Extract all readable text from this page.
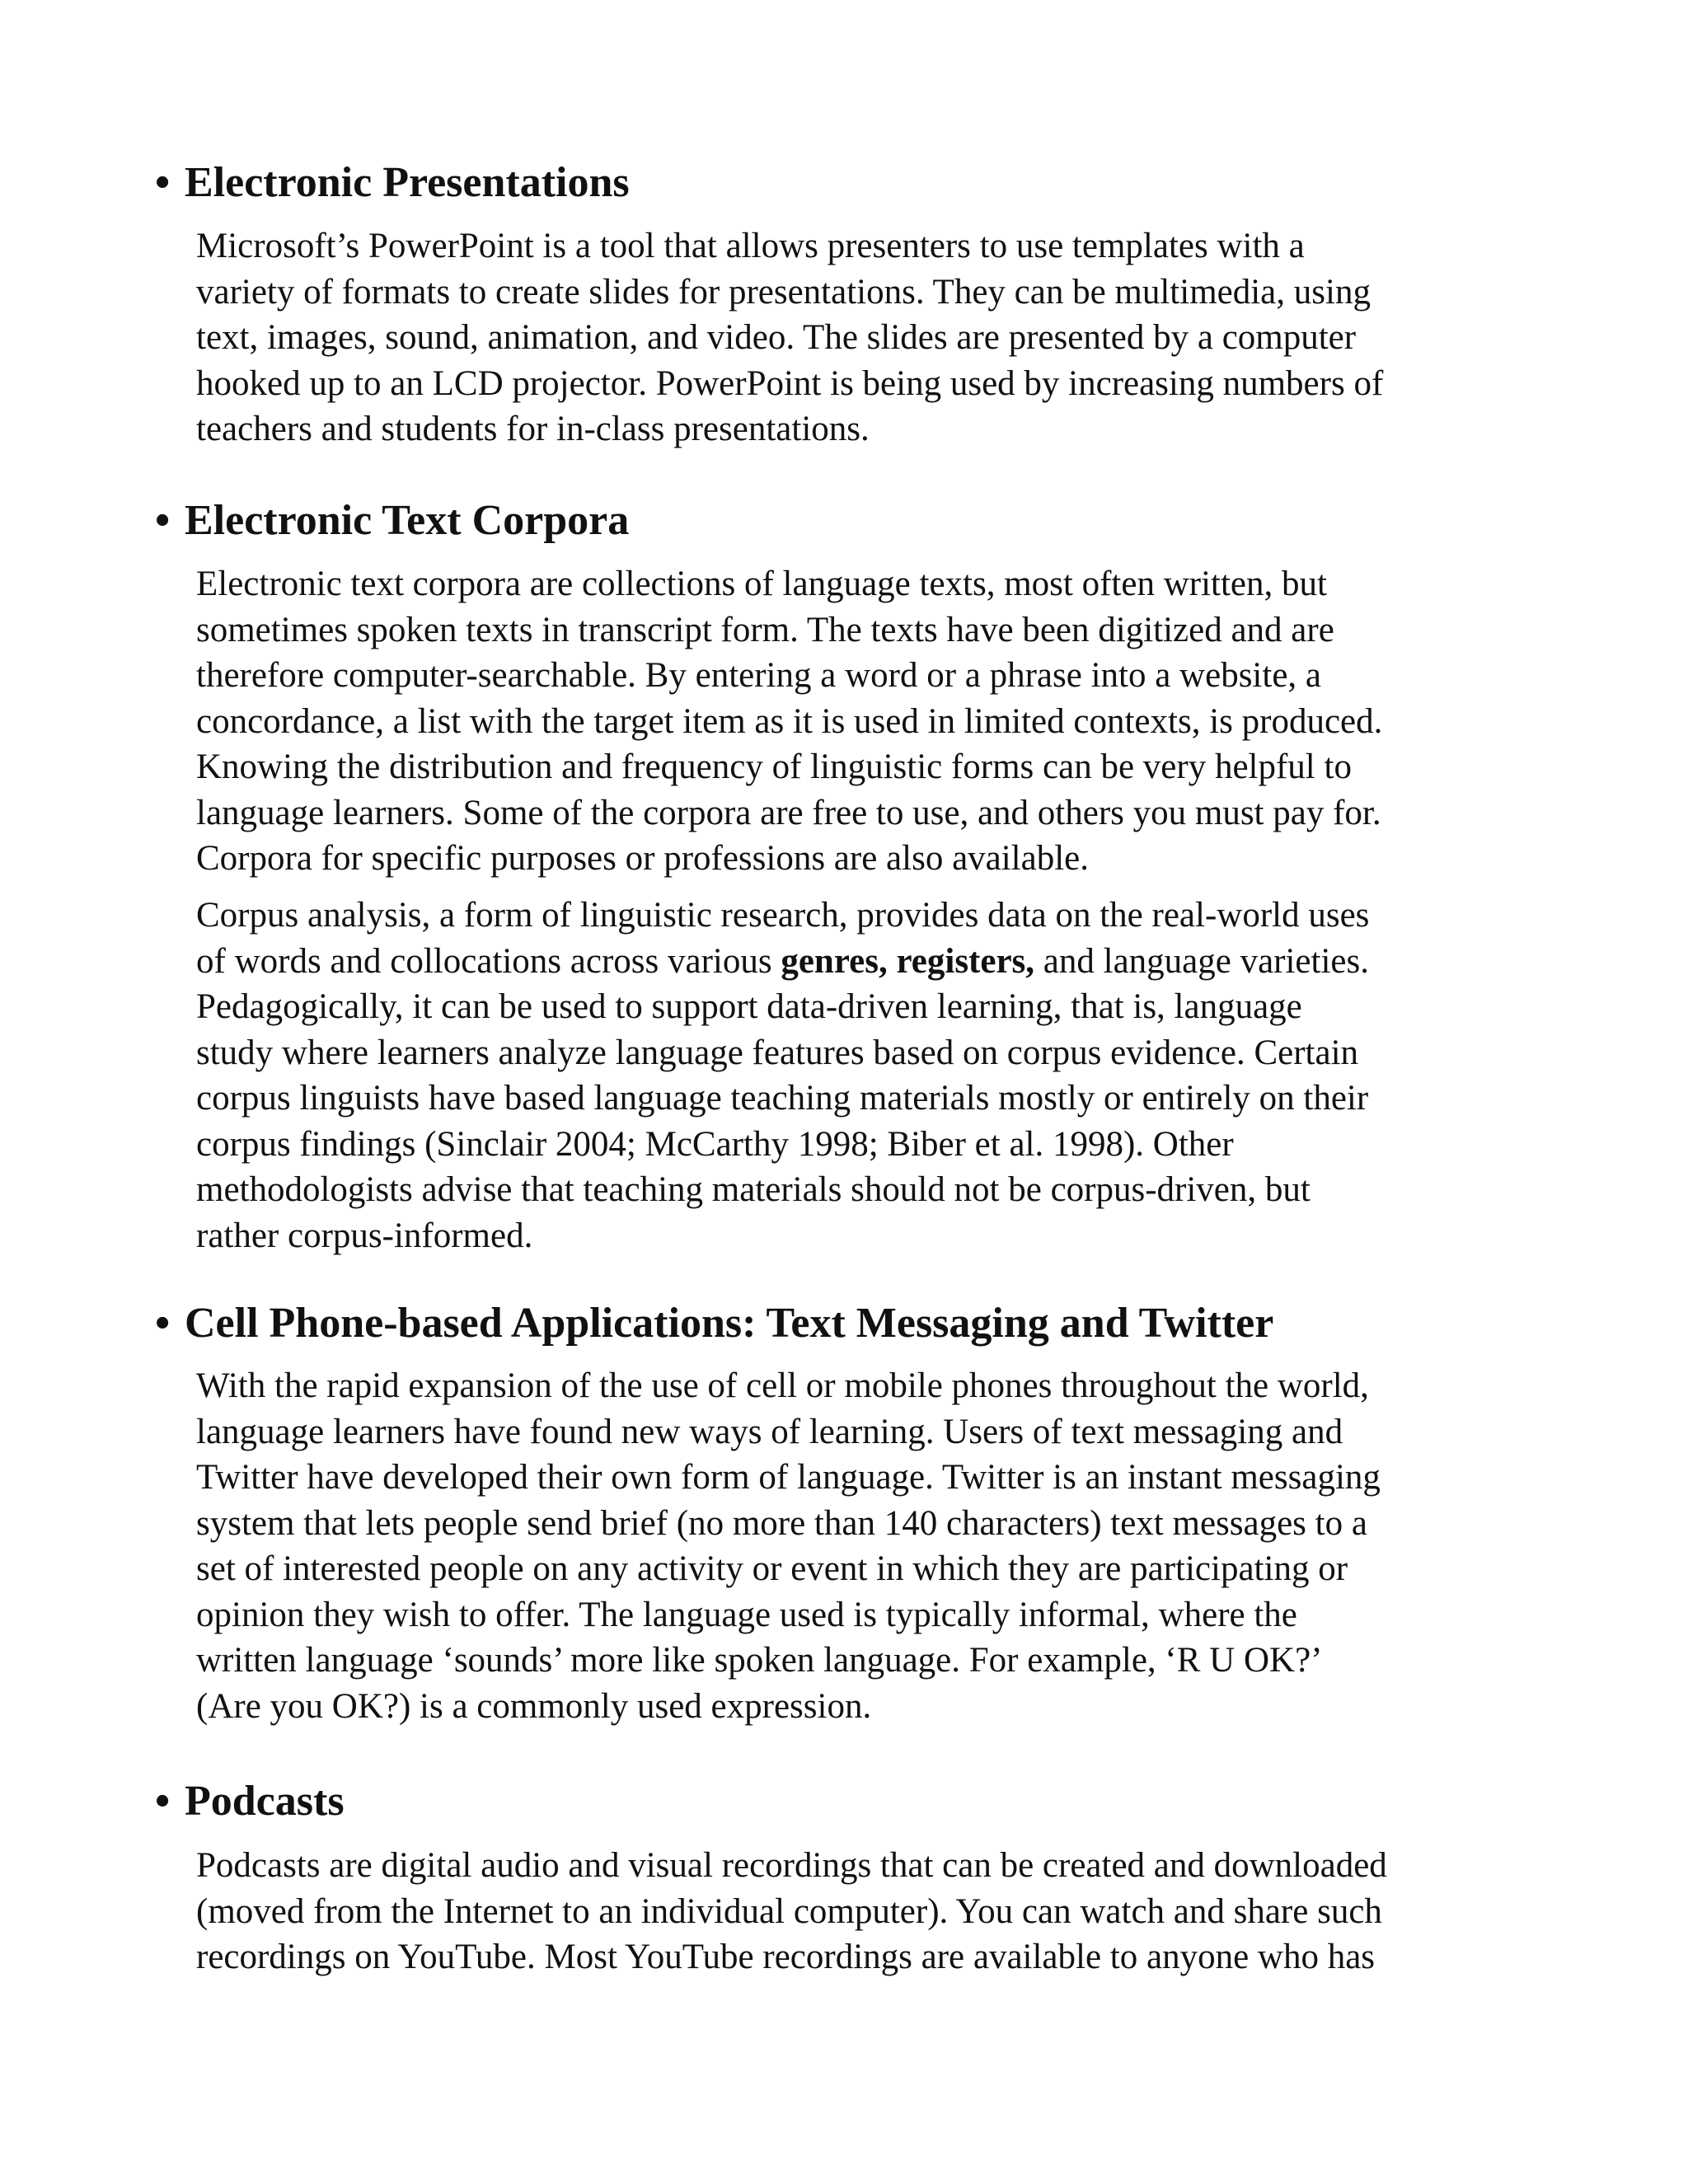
• Electronic Presentations

Microsoft’s PowerPoint is a tool that allows presenters to use templates with a
variety of formats to create slides for presentations. They can be multimedia, using
text, images, sound, animation, and video. The slides are presented by a computer
hooked up to an LCD projector. PowerPoint is being used by increasing numbers of
teachers and students for in-class presentations.

• Electronic Text Corpora

Electronic text corpora are collections of language texts, most often written, but
sometimes spoken texts in transcript form. The texts have been digitized and are
therefore computer-searchable. By entering a word or a phrase into a website, a
concordance, a list with the target item as it is used in limited contexts, is produced.
Knowing the distribution and frequency of linguistic forms can be very helpful to
language learners. Some of the corpora are free to use, and others you must pay for.
Corpora for specific purposes or professions are also available.

Corpus analysis, a form of linguistic research, provides data on the real-world uses
of words and collocations across various genres, registers, and language varieties.
Pedagogically, it can be used to support data-driven learning, that is, language
study where learners analyze language features based on corpus evidence. Certain
corpus linguists have based language teaching materials mostly or entirely on their
corpus findings (Sinclair 2004; McCarthy 1998; Biber et al. 1998). Other
methodologists advise that teaching materials should not be corpus-driven, but
rather corpus-informed.

• Cell Phone-based Applications: Text Messaging and Twitter

With the rapid expansion of the use of cell or mobile phones throughout the world,
language learners have found new ways of learning. Users of text messaging and
Twitter have developed their own form of language. Twitter is an instant messaging
system that lets people send brief (no more than 140 characters) text messages to a
set of interested people on any activity or event in which they are participating or
opinion they wish to offer. The language used is typically informal, where the
written language ‘sounds’ more like spoken language. For example, ‘R U OK?’
(Are you OK?) is a commonly used expression.

• Podcasts

Podcasts are digital audio and visual recordings that can be created and downloaded
(moved from the Internet to an individual computer). You can watch and share such
recordings on YouTube. Most YouTube recordings are available to anyone who has
